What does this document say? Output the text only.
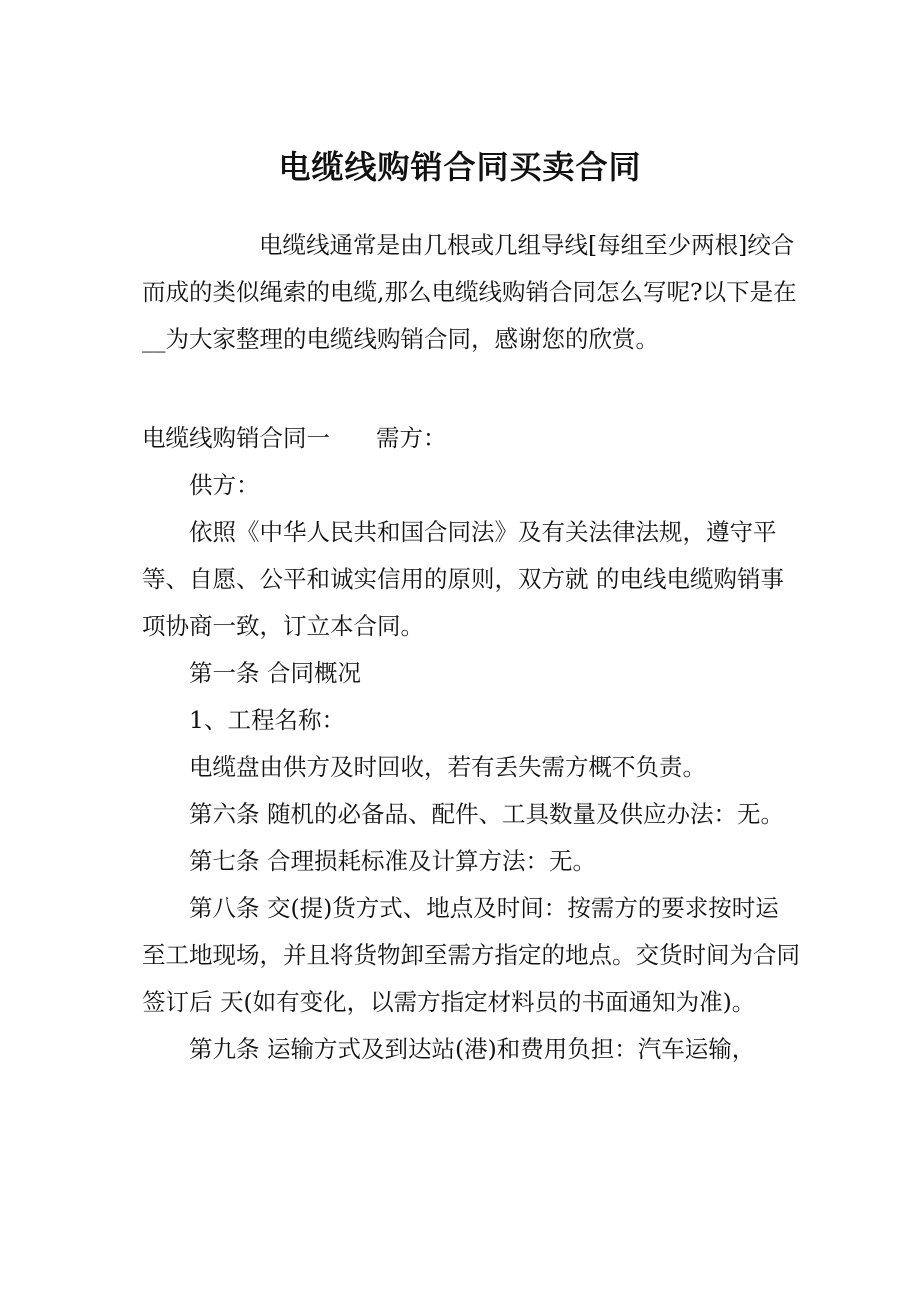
电缆线购销合同买卖合同

电缆线通常是由几根或几组导线[每组至少两根]绞合而成的类似绳索的电缆,那么电缆线购销合同怎么写呢?以下是在__为大家整理的电缆线购销合同，感谢您的欣赏。

电缆线购销合同一 需方：

供方：

依照《中华人民共和国合同法》及有关法律法规，遵守平等、自愿、公平和诚实信用的原则，双方就 的电线电缆购销事项协商一致，订立本合同。

第一条 合同概况

1、工程名称：

电缆盘由供方及时回收，若有丢失需方概不负责。

第六条 随机的必备品、配件、工具数量及供应办法：无。

第七条 合理损耗标准及计算方法：无。

第八条 交(提)货方式、地点及时间：按需方的要求按时运至工地现场，并且将货物卸至需方指定的地点。交货时间为合同签订后 天(如有变化，以需方指定材料员的书面通知为准)。

第九条 运输方式及到达站(港)和费用负担：汽车运输，
